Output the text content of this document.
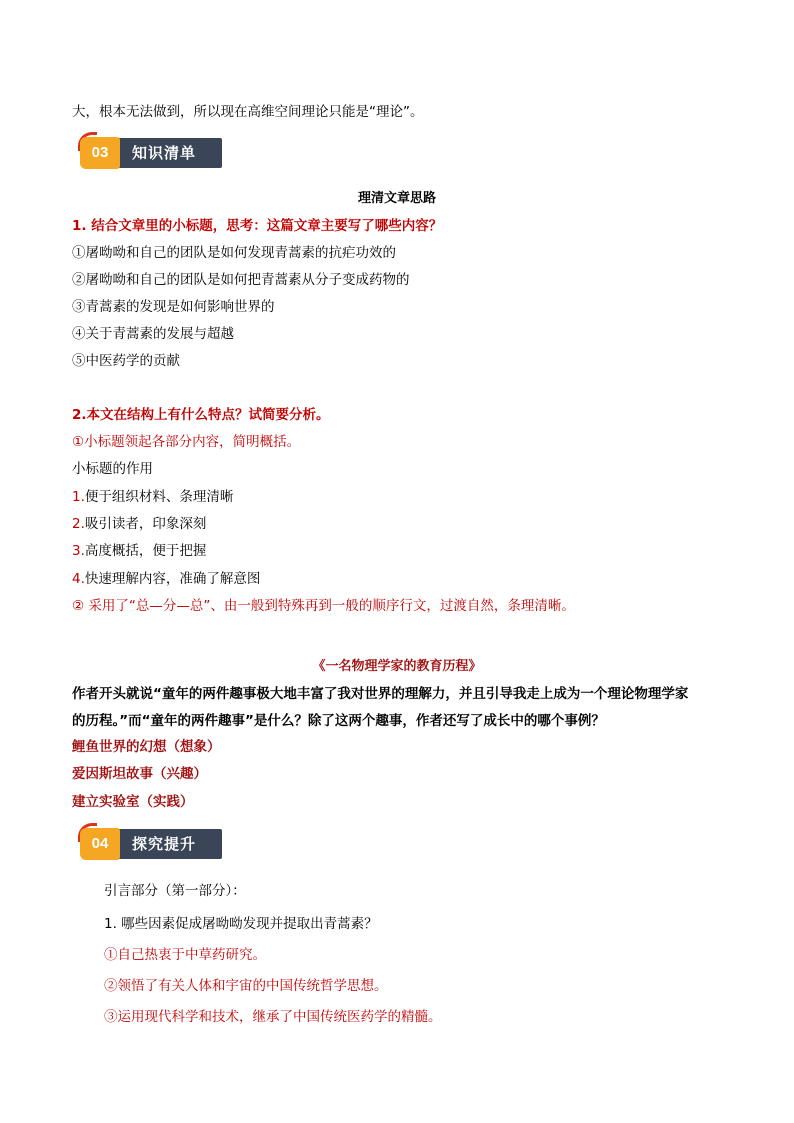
大，根本无法做到，所以现在高维空间理论只能是“理论”。
03	知识清单
理清文章思路
1. 结合文章里的小标题，思考：这篇文章主要写了哪些内容？
①屠呦呦和自己的团队是如何发现青蒿素的抗疟功效的
②屠呦呦和自己的团队是如何把青蒿素从分子变成药物的
③青蒿素的发现是如何影响世界的
④关于青蒿素的发展与超越
⑤中医药学的贡献
2.本文在结构上有什么特点？试简要分析。
①小标题领起各部分内容，简明概括。
小标题的作用
1.便于组织材料、条理清晰
2.吸引读者，印象深刻
3.高度概括，便于把握
4.快速理解内容，准确了解意图
② 采用了“总—分—总”、由一般到特殊再到一般的顺序行文，过渡自然，条理清晰。
《一名物理学家的教育历程》
作者开头就说“童年的两件趣事极大地丰富了我对世界的理解力，并且引导我走上成为一个理论物理学家
的历程。”而“童年的两件趣事”是什么？除了这两个趣事，作者还写了成长中的哪个事例？
鲤鱼世界的幻想（想象）
爱因斯坦故事（兴趣）
建立实验室（实践）
04	探究提升
引言部分（第一部分）：
1. 哪些因素促成屠呦呦发现并提取出青蒿素？
①自己热衷于中草药研究。
②领悟了有关人体和宇宙的中国传统哲学思想。
③运用现代科学和技术，继承了中国传统医药学的精髓。
